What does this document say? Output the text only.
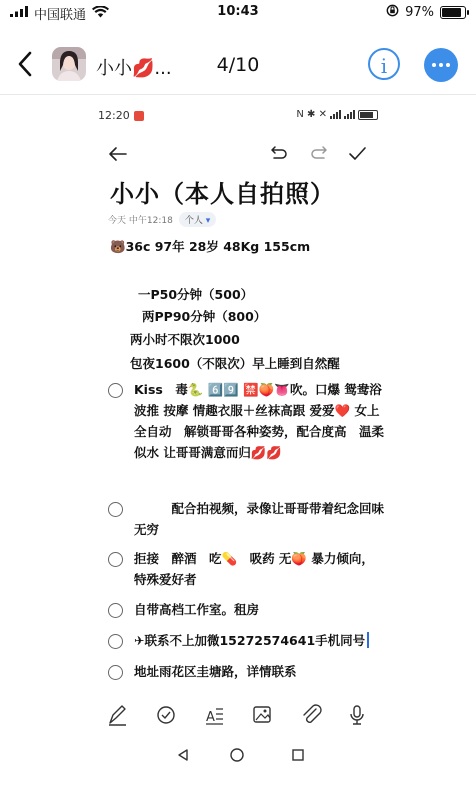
中国联通	10:43	97%
小小💋...	4/10	i
12:20	N ✱ ✕
小小（本人自拍照）
今天 中午12:18	个人 ▾
🐻36c 97年 28岁 48Kg 155cm
一P50分钟（500）
两PP90分钟（800）
两小时不限次1000
包夜1600（不限次）早上睡到自然醒
Kiss　毒🐍 6️⃣9️⃣ 🈲🍑👅吹。口爆 鸳鸯浴 波推 按摩 情趣衣服＋丝袜高跟 爱爱❤️ 女上全自动　解锁哥哥各种姿势，配合度高　温柔似水 让哥哥满意而归💋💋
　　　配合拍视频，录像让哥哥带着纪念回味无穷
拒接　醉酒　吃💊　吸药 无🍑 暴力倾向，特殊爱好者
自带高档工作室。租房
✈联系不上加微15272574641手机同号
地址雨花区圭塘路，详情联系
A
